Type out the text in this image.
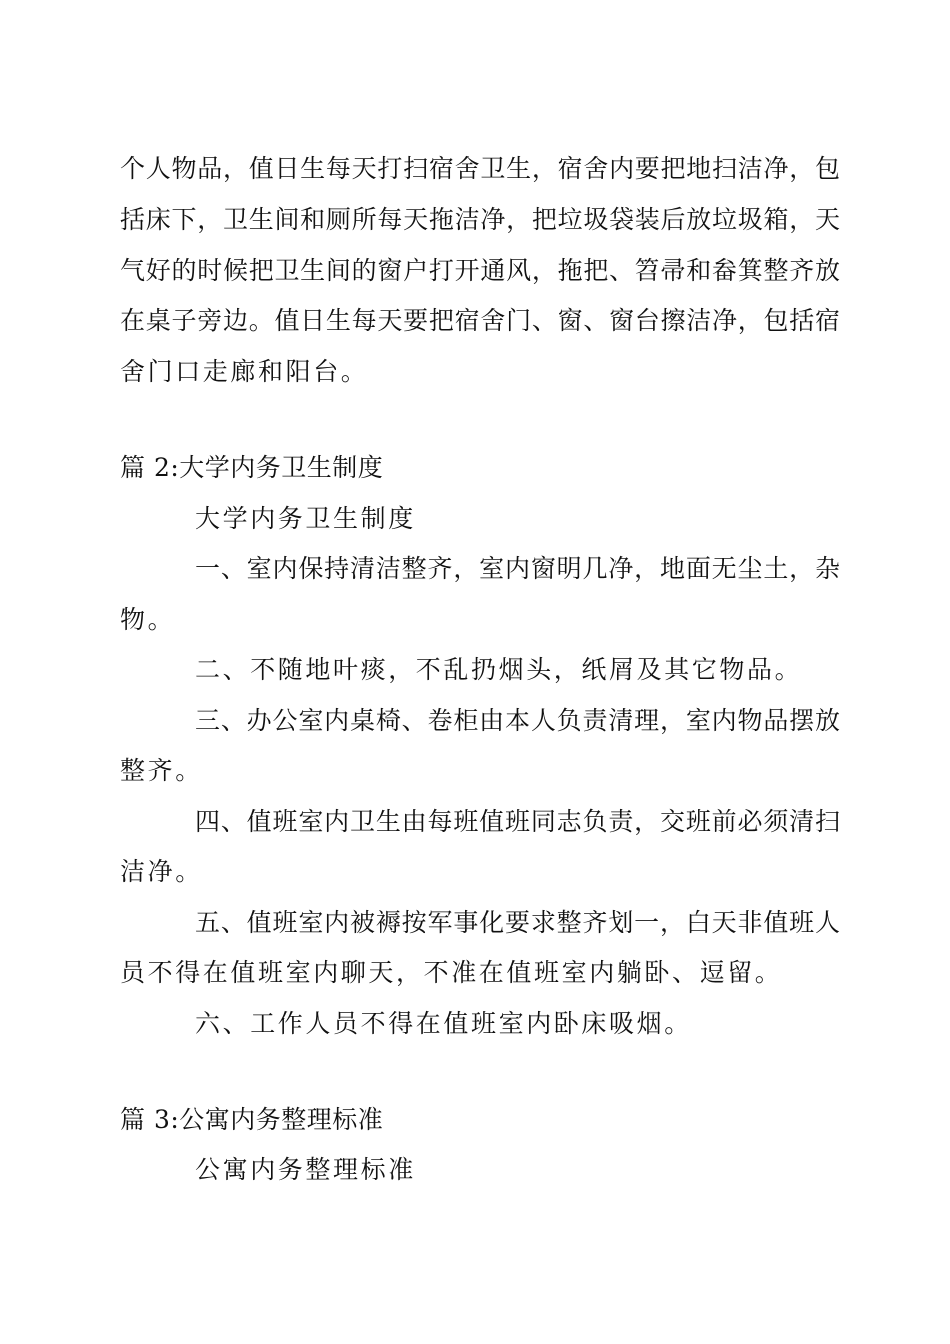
个人物品，值日生每天打扫宿舍卫生，宿舍内要把地扫洁净，包
括床下，卫生间和厕所每天拖洁净，把垃圾袋装后放垃圾箱，天
气好的时候把卫生间的窗户打开通风，拖把、笤帚和畚箕整齐放
在桌子旁边。值日生每天要把宿舍门、窗、窗台擦洁净，包括宿
舍门口走廊和阳台。
篇 2:大学内务卫生制度
大学内务卫生制度
一、室内保持清洁整齐，室内窗明几净，地面无尘土，杂
物。
二、不随地叶痰，不乱扔烟头，纸屑及其它物品。
三、办公室内桌椅、卷柜由本人负责清理，室内物品摆放
整齐。
四、值班室内卫生由每班值班同志负责，交班前必须清扫
洁净。
五、值班室内被褥按军事化要求整齐划一，白天非值班人
员不得在值班室内聊天，不准在值班室内躺卧、逗留。
六、工作人员不得在值班室内卧床吸烟。
篇 3:公寓内务整理标准
公寓内务整理标准
